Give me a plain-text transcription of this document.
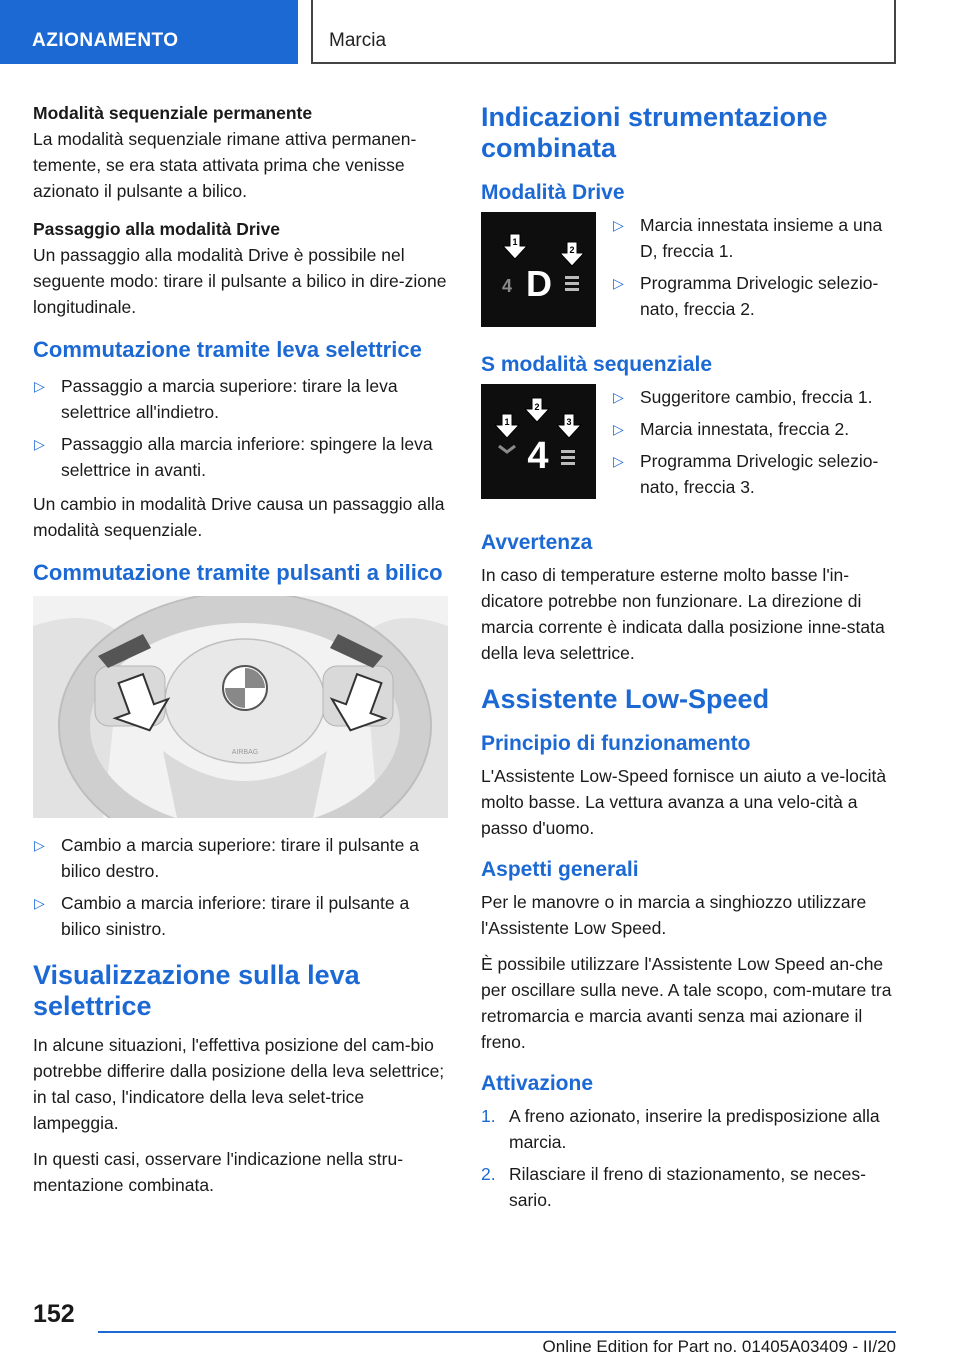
AZIONAMENTO	Marcia
Modalità sequenziale permanente

La modalità sequenziale rimane attiva permanen-temente, se era stata attivata prima che venisse azionato il pulsante a bilico.

Passaggio alla modalità Drive

Un passaggio alla modalità Drive è possibile nel seguente modo: tirare il pulsante a bilico in dire-zione longitudinale.

Commutazione tramite leva selettrice
▷ Passaggio a marcia superiore: tirare la leva selettrice all'indietro.
▷ Passaggio alla marcia inferiore: spingere la leva selettrice in avanti.

Un cambio in modalità Drive causa un passaggio alla modalità sequenziale.

Commutazione tramite pulsanti a bilico
AIRBAG
▷ Cambio a marcia superiore: tirare il pulsante a bilico destro.
▷ Cambio a marcia inferiore: tirare il pulsante a bilico sinistro.
Visualizzazione sulla leva selettrice

In alcune situazioni, l'effettiva posizione del cam-bio potrebbe differire dalla posizione della leva selettrice; in tal caso, l'indicatore della leva selet-trice lampeggia.

In questi casi, osservare l'indicazione nella stru-mentazione combinata.

Indicazioni strumentazione combinata
Modalità Drive
1
2
4 D
▷ Marcia innestata insieme a una D, freccia 1.
▷ Programma Drivelogic selezio-nato, freccia 2.
S modalità sequenziale
1
2
3
4
▷ Suggeritore cambio, freccia 1.
▷ Marcia innestata, freccia 2.
▷ Programma Drivelogic selezio-nato, freccia 3.
Avvertenza

In caso di temperature esterne molto basse l'in-dicatore potrebbe non funzionare. La direzione di marcia corrente è indicata dalla posizione inne-stata della leva selettrice.

Assistente Low-Speed
Principio di funzionamento

L'Assistente Low-Speed fornisce un aiuto a ve-locità molto basse. La vettura avanza a una velo-cità a passo d'uomo.

Aspetti generali

Per le manovre o in marcia a singhiozzo utilizzare l'Assistente Low Speed.

È possibile utilizzare l'Assistente Low Speed an-che per oscillare sulla neve. A tale scopo, com-mutare tra retromarcia e marcia avanti senza mai azionare il freno.

Attivazione
1. A freno azionato, inserire la predisposizione alla marcia.
2. Rilasciare il freno di stazionamento, se neces-sario.
152
Online Edition for Part no. 01405A03409 - II/20
